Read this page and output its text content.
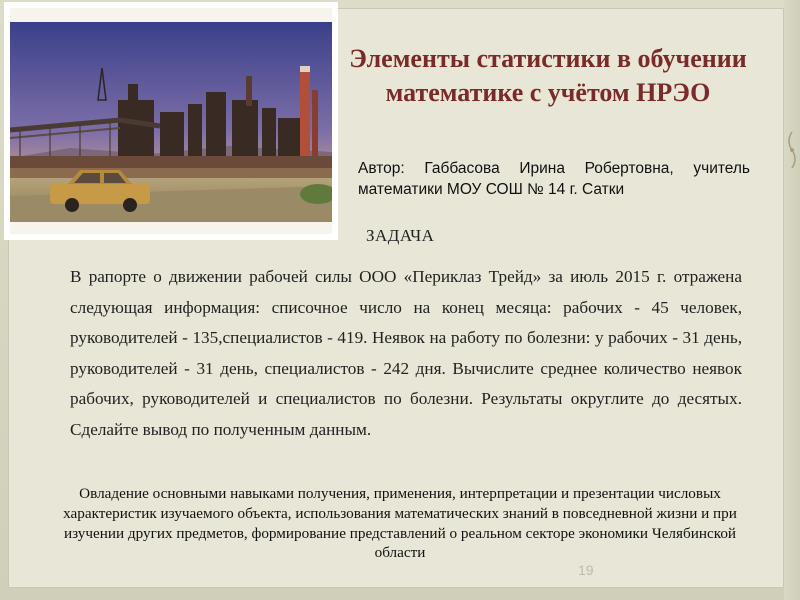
Элементы статистики в обучении математике с учётом НРЭО
Автор: Габбасова Ирина Робертовна, учитель математики МОУ СОШ № 14 г. Сатки
ЗАДАЧА
В рапорте о движении рабочей силы ООО «Периклаз Трейд» за июль 2015 г. отражена следующая информация: списочное число на конец месяца: рабочих - 45 человек, руководителей - 135,специалистов - 419. Неявок на работу по болезни: у рабочих - 31 день, руководителей - 31 день, специалистов - 242 дня. Вычислите среднее количество неявок рабочих, руководителей и специалистов по болезни. Результаты округлите до десятых. Сделайте вывод по полученным данным.
Овладение основными навыками получения, применения, интерпретации и презентации числовых характеристик изучаемого объекта, использования математических знаний в повседневной жизни и при изучении других предметов, формирование представлений о реальном секторе экономики Челябинской области
19
